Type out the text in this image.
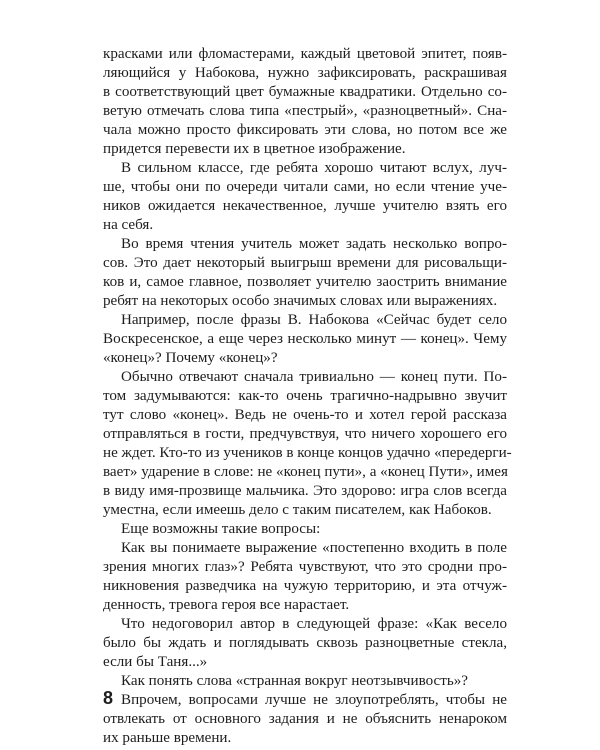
красками или фломастерами, каждый цветовой эпитет, появ-
ляющийся у Набокова, нужно зафиксировать, раскрашивая
в соответствующий цвет бумажные квадратики. Отдельно со-
ветую отмечать слова типа «пестрый», «разноцветный». Сна-
чала можно просто фиксировать эти слова, но потом все же
придется перевести их в цветное изображение.
В сильном классе, где ребята хорошо читают вслух, луч-
ше, чтобы они по очереди читали сами, но если чтение уче-
ников ожидается некачественное, лучше учителю взять его
на себя.
Во время чтения учитель может задать несколько вопро-
сов. Это дает некоторый выигрыш времени для рисовальщи-
ков и, самое главное, позволяет учителю заострить внимание
ребят на некоторых особо значимых словах или выражениях.
Например, после фразы В. Набокова «Сейчас будет село
Воскресенское, а еще через несколько минут — конец». Чему
«конец»? Почему «конец»?
Обычно отвечают сначала тривиально — конец пути. По-
том задумываются: как-то очень трагично-надрывно звучит
тут слово «конец». Ведь не очень-то и хотел герой рассказа
отправляться в гости, предчувствуя, что ничего хорошего его
не ждет. Кто-то из учеников в конце концов удачно «передерги-
вает» ударение в слове: не «конец пути», а «конец Пути», имея
в виду имя-прозвище мальчика. Это здорово: игра слов всегда
уместна, если имеешь дело с таким писателем, как Набоков.
Еще возможны такие вопросы:
Как вы понимаете выражение «постепенно входить в поле
зрения многих глаз»? Ребята чувствуют, что это сродни про-
никновения разведчика на чужую территорию, и эта отчуж-
денность, тревога героя все нарастает.
Что недоговорил автор в следующей фразе: «Как весело
было бы ждать и поглядывать сквозь разноцветные стекла,
если бы Таня...»
Как понять слова «странная вокруг неотзывчивость»?
Впрочем, вопросами лучше не злоупотреблять, чтобы не
отвлекать от основного задания и не объяснить ненароком
их раньше времени.
8
